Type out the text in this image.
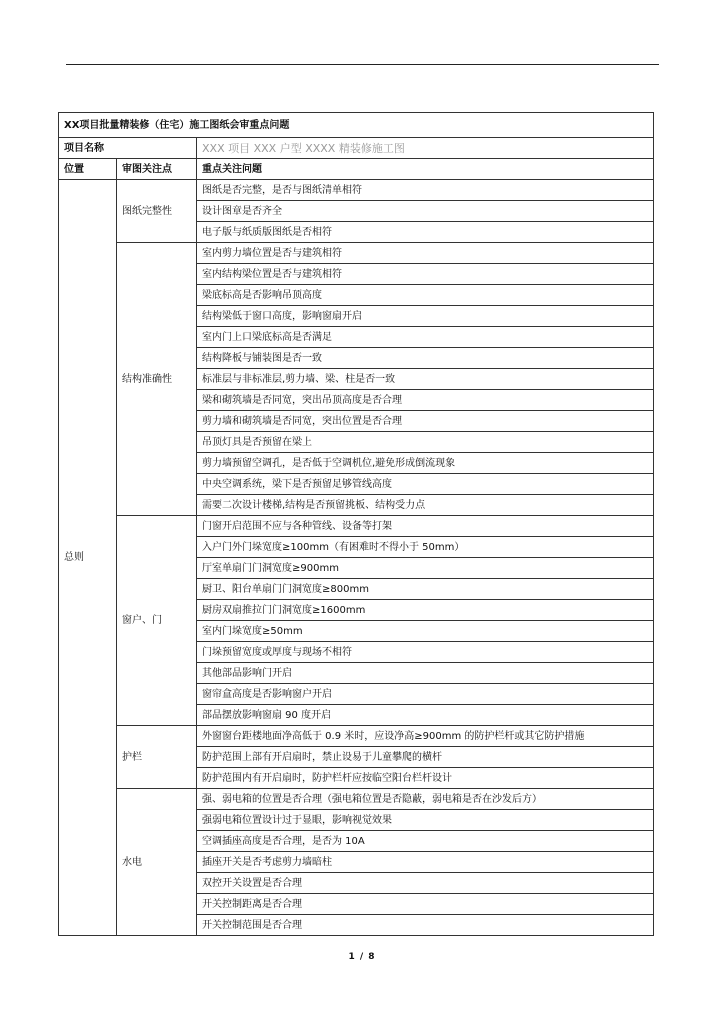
XX项目批量精装修（住宅）施工图纸会审重点问题		
项目名称		XXX 项目 XXX 户型 XXXX 精装修施工图
位置	审图关注点	重点关注问题
总则	图纸完整性	图纸是否完整，是否与图纸清单相符
		设计图章是否齐全
		电子版与纸质版图纸是否相符
	结构准确性	室内剪力墙位置是否与建筑相符
		室内结构梁位置是否与建筑相符
		梁底标高是否影响吊顶高度
		结构梁低于窗口高度，影响窗扇开启
		室内门上口梁底标高是否满足
		结构降板与铺装图是否一致
		标准层与非标准层,剪力墙、梁、柱是否一致
		梁和砌筑墙是否同宽，突出吊顶高度是否合理
		剪力墙和砌筑墙是否同宽，突出位置是否合理
		吊顶灯具是否预留在梁上
		剪力墙预留空调孔，是否低于空调机位,避免形成倒流现象
		中央空调系统，梁下是否预留足够管线高度
		需要二次设计楼梯,结构是否预留挑板、结构受力点
	窗户、门	门窗开启范围不应与各种管线、设备等打架
		入户门外门垛宽度≥100mm（有困难时不得小于 50mm）
		厅室单扇门门洞宽度≥900mm
		厨卫、阳台单扇门门洞宽度≥800mm
		厨房双扇推拉门门洞宽度≥1600mm
		室内门垛宽度≥50mm
		门垛预留宽度或厚度与现场不相符
		其他部品影响门开启
		窗帘盒高度是否影响窗户开启
		部品摆放影响窗扇 90 度开启
	护栏	外窗窗台距楼地面净高低于 0.9 米时，应设净高≥900mm 的防护栏杆或其它防护措施
		防护范围上部有开启扇时，禁止设易于儿童攀爬的横杆
		防护范围内有开启扇时，防护栏杆应按临空阳台栏杆设计
	水电	强、弱电箱的位置是否合理（强电箱位置是否隐蔽，弱电箱是否在沙发后方）
		强弱电箱位置设计过于显眼，影响视觉效果
		空调插座高度是否合理，是否为 10A
		插座开关是否考虑剪力墙暗柱
		双控开关设置是否合理
		开关控制距离是否合理
		开关控制范围是否合理
1 / 8
